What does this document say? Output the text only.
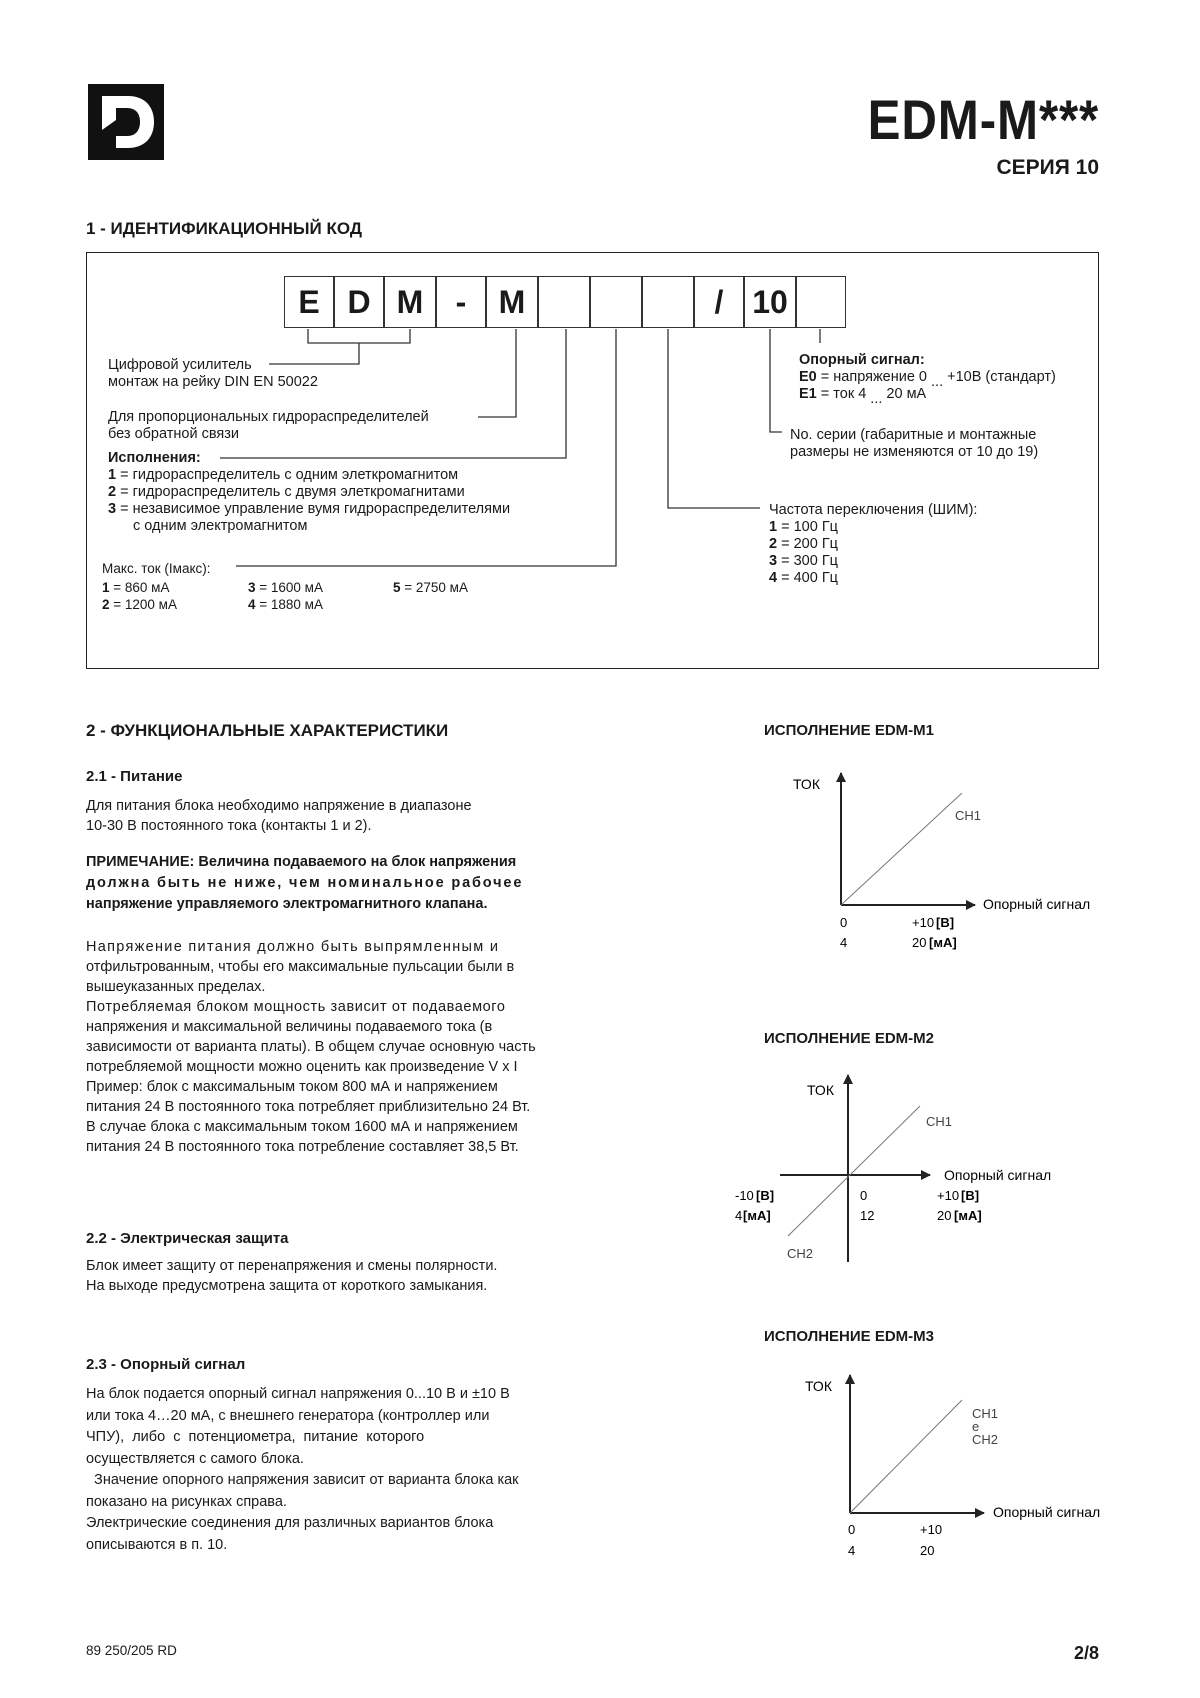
EDM-M***
СЕРИЯ 10
1 - ИДЕНТИФИКАЦИОННЫЙ КОД
E D M	-	M	/ 10
Цифровой усилитель
монтаж на рейку DIN EN 50022
Для пропорциональных гидрораспределителей
без обратной связи
Исполнения:
1 = гидрораспределитель с одним элеткромагнитом
2 = гидрораспределитель с двумя элеткромагнитами
3 = независимое управление вумя гидрораспределителями
с одним электромагнитом
Макс. ток (Iмакс):
1 = 860 мА
2 = 1200 мА
3 = 1600 мА
4 = 1880 мА
5 = 2750 мА
Опорный сигнал:
E0 = напряжение 0 ... +10В (стандарт)
E1 = ток 4 ... 20 мА
No. серии (габаритные и монтажные
размеры не изменяются от 10 до 19)
Частота переключения (ШИМ):
1 = 100 Гц
2 = 200 Гц
3 = 300 Гц
4 = 400 Гц
2 - ФУНКЦИОНАЛЬНЫЕ ХАРАКТЕРИСТИКИ
2.1 - Питание
Для питания блока необходимо напряжение в диапазоне
10-30 В постоянного тока (контакты 1 и 2).
ПРИМЕЧАНИЕ: Величина подаваемого на блок напряжения
должна быть не ниже, чем номинальное рабочее
напряжение управляемого электромагнитного клапана.
Напряжение питания должно быть выпрямленным и
отфильтрованным, чтобы его максимальные пульсации были в
вышеуказанных пределах.
Потребляемая блоком мощность зависит от подаваемого
напряжения и максимальной величины подаваемого тока (в
зависимости от варианта платы). В общем случае основную часть
потребляемой мощности можно оценить как произведение V x I
Пример: блок с максимальным током 800 мА и напряжением
питания 24 В постоянного тока потребляет приблизительно 24 Вт.
В случае блока с максимальным током 1600 мА и напряжением
питания 24 В постоянного тока потребление составляет 38,5 Вт.
2.2 - Электрическая защита
Блок имеет защиту от перенапряжения и смены полярности.
На выходе предусмотрена защита от короткого замыкания.
2.3 - Опорный сигнал
На блок подается опорный сигнал напряжения 0...10 В и ±10 В
или тока 4…20 мА, с внешнего генератора (контроллер или
ЧПУ),  либо  с  потенциометра,  питание  которого
осуществляется с самого блока.
Значение опорного напряжения зависит от варианта блока как
показано на рисунках справа.
Электрические соединения для различных вариантов блока
описываются в п. 10.
ИСПОЛНЕНИЕ EDM-M1
ИСПОЛНЕНИЕ EDM-M2
ИСПОЛНЕНИЕ EDM-M3
ТОК
CH1
Опорный сигнал
0	+10 [В]
4	20 [мА]
ТОК
CH1
CH2
Опорный сигнал
-10 [В]
4 [мА]
0
12
+10 [В]
20 [мА]
ТОК
CH1
e
CH2
Опорный сигнал
0	+10
4	20
89 250/205 RD	2/8
